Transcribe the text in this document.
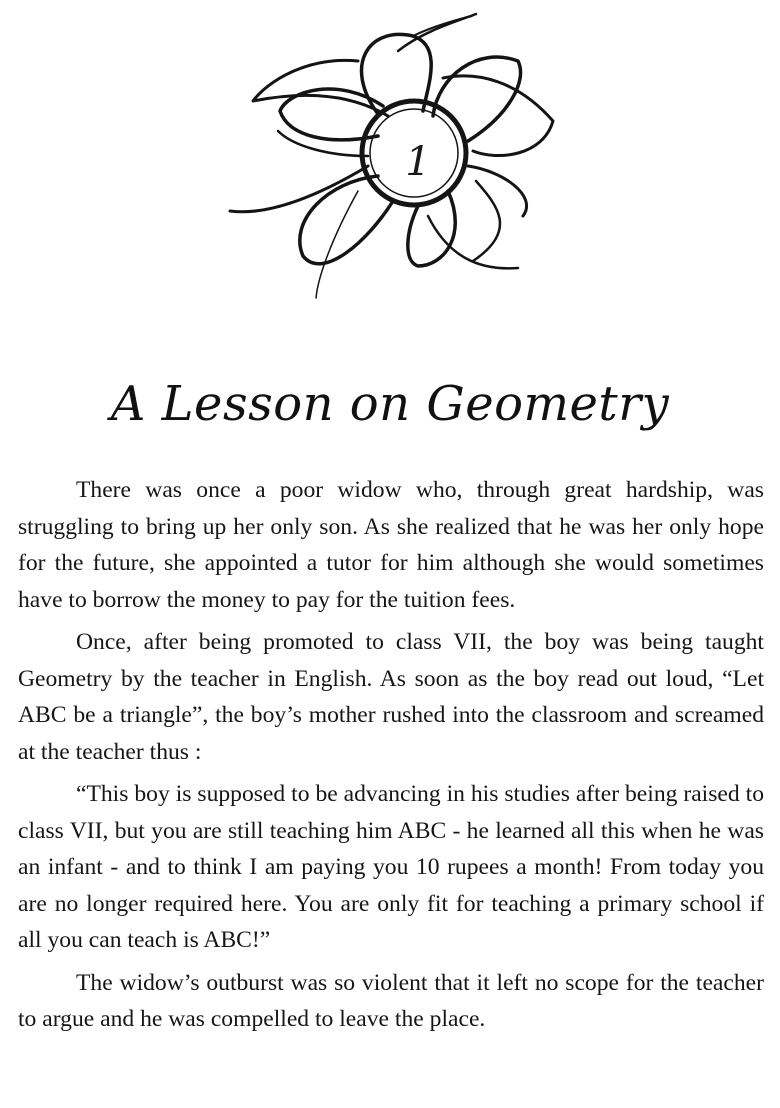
1
A Lesson on Geometry

There was once a poor widow who, through great hardship, was struggling to bring up her only son. As she realized that he was her only hope for the future, she appointed a tutor for him although she would sometimes have to borrow the money to pay for the tuition fees.

Once, after being promoted to class VII, the boy was being taught Geometry by the teacher in English. As soon as the boy read out loud, “Let ABC be a triangle”, the boy’s mother rushed into the classroom and screamed at the teacher thus :

“This boy is supposed to be advancing in his studies after being raised to class VII, but you are still teaching him ABC - he learned all this when he was an infant - and to think I am paying you 10 rupees a month! From today you are no longer required here. You are only fit for teaching a primary school if all you can teach is ABC!”

The widow’s outburst was so violent that it left no scope for the teacher to argue and he was compelled to leave the place.
